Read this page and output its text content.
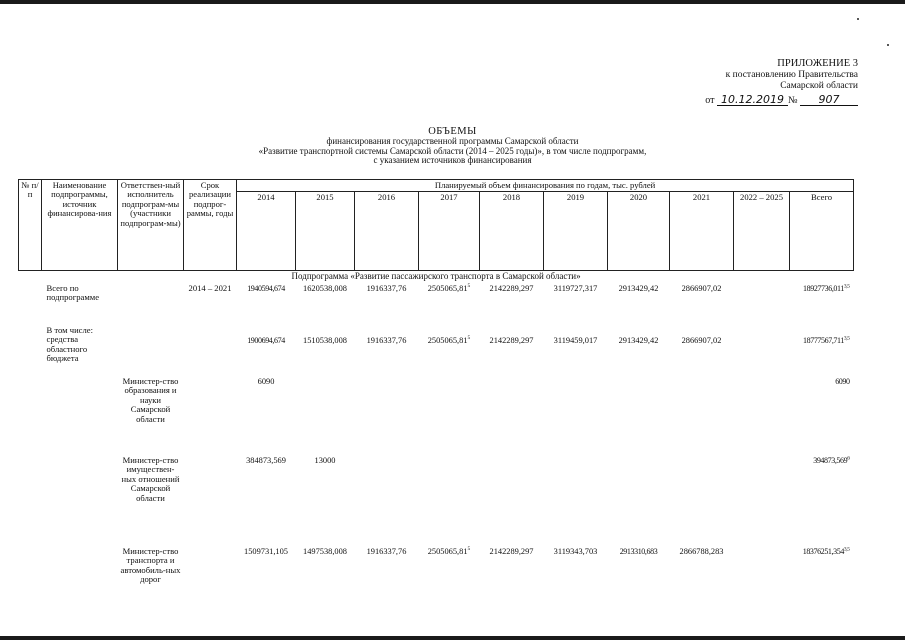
ПРИЛОЖЕНИЕ 3
к постановлению Правительства
Самарской области
от 10.12.2019 № 907
ОБЪЕМЫ
финансирования государственной программы Самарской области
«Развитие транспортной системы Самарской области (2014 – 2025 годы)», в том числе подпрограмм,
с указанием источников финансирования
№ п/п	Наименование подпрограммы, источник финансирова-ния	Ответствен-ный исполнитель подпрограм-мы (участники подпрограм-мы)	Срок реализации подпрог-раммы, годы	Планируемый объем финансирования по годам, тыс. рублей									
				2014	2015	2016	2017	2018	2019	2020	2021	2022 – 2025	Всего
Подпрограмма «Развитие пассажирского транспорта в Самарской области»													
	Всего по подпрограмме		2014 – 2021	1940594,674	1620538,008	1916337,76	2505065,81$^5$	2142289,297	3119727,317	2913429,42	2866907,02		18927736,011$^{3,5}$
	В том числе: средства областного бюджета			1900694,674	1510538,008	1916337,76	2505065,81$^5$	2142289,297	3119459,017	2913429,42	2866907,02		18777567,711$^{3,5}$
		Министер-ство образования и науки Самарской области		6090									6090
		Министер-ство имуществен-ных отношений Самарской области		384873,569	13000								394873,569$^6$
		Министер-ство транспорта и автомобиль-ных дорог		1509731,105	1497538,008	1916337,76	2505065,81$^5$	2142289,297	3119343,703	2913310,683	2866788,283		18376251,354$^{3,5}$
